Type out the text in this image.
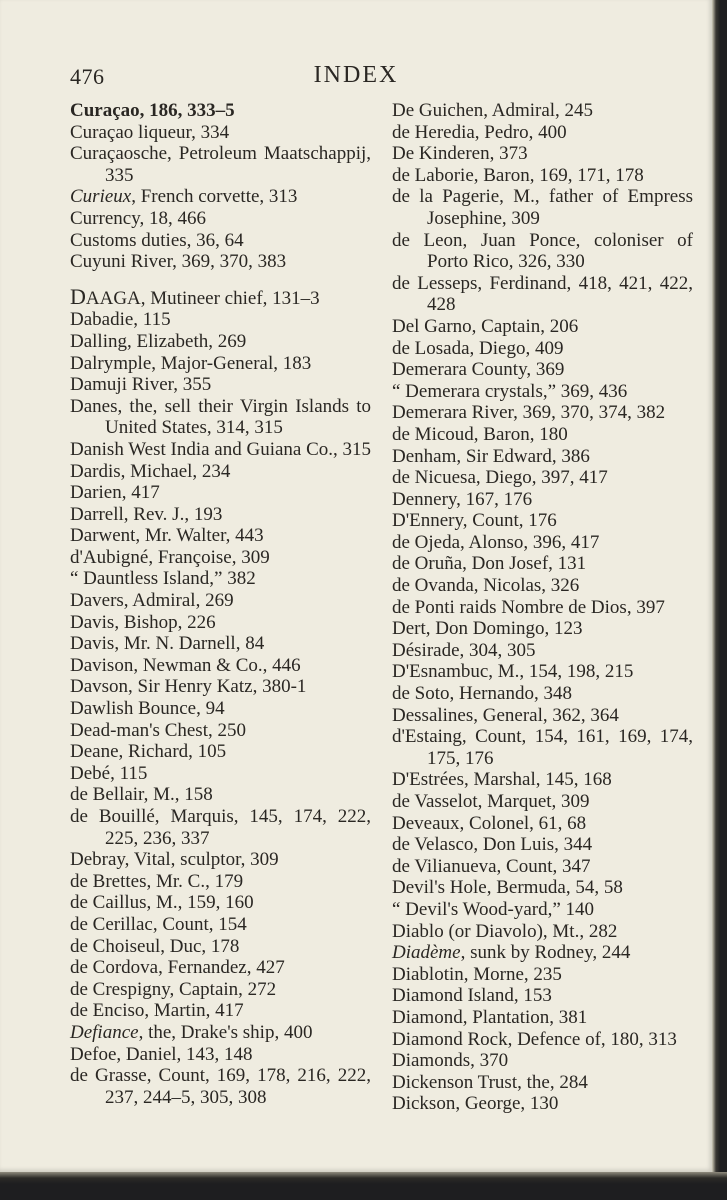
476	INDEX

Curaçao, 186, 333–5

Curaçao liqueur, 334

Curaçaosche, Petroleum Maatschappij, 335

Curieux, French corvette, 313

Currency, 18, 466

Customs duties, 36, 64

Cuyuni River, 369, 370, 383

DAAGA, Mutineer chief, 131–3

Dabadie, 115

Dalling, Elizabeth, 269

Dalrymple, Major-General, 183

Damuji River, 355

Danes, the, sell their Virgin Islands to United States, 314, 315

Danish West India and Guiana Co., 315

Dardis, Michael, 234

Darien, 417

Darrell, Rev. J., 193

Darwent, Mr. Walter, 443

d'Aubigné, Françoise, 309

“ Dauntless Island,” 382

Davers, Admiral, 269

Davis, Bishop, 226

Davis, Mr. N. Darnell, 84

Davison, Newman & Co., 446

Davson, Sir Henry Katz, 380-1

Dawlish Bounce, 94

Dead-man's Chest, 250

Deane, Richard, 105

Debé, 115

de Bellair, M., 158

de Bouillé, Marquis, 145, 174, 222, 225, 236, 337

Debray, Vital, sculptor, 309

de Brettes, Mr. C., 179

de Caillus, M., 159, 160

de Cerillac, Count, 154

de Choiseul, Duc, 178

de Cordova, Fernandez, 427

de Crespigny, Captain, 272

de Enciso, Martin, 417

Defiance, the, Drake's ship, 400

Defoe, Daniel, 143, 148

de Grasse, Count, 169, 178, 216, 222, 237, 244–5, 305, 308

De Guichen, Admiral, 245

de Heredia, Pedro, 400

De Kinderen, 373

de Laborie, Baron, 169, 171, 178

de la Pagerie, M., father of Empress Josephine, 309

de Leon, Juan Ponce, coloniser of Porto Rico, 326, 330

de Lesseps, Ferdinand, 418, 421, 422, 428

Del Garno, Captain, 206

de Losada, Diego, 409

Demerara County, 369

“ Demerara crystals,” 369, 436

Demerara River, 369, 370, 374, 382

de Micoud, Baron, 180

Denham, Sir Edward, 386

de Nicuesa, Diego, 397, 417

Dennery, 167, 176

D'Ennery, Count, 176

de Ojeda, Alonso, 396, 417

de Oruña, Don Josef, 131

de Ovanda, Nicolas, 326

de Ponti raids Nombre de Dios, 397

Dert, Don Domingo, 123

Désirade, 304, 305

D'Esnambuc, M., 154, 198, 215

de Soto, Hernando, 348

Dessalines, General, 362, 364

d'Estaing, Count, 154, 161, 169, 174, 175, 176

D'Estrées, Marshal, 145, 168

de Vasselot, Marquet, 309

Deveaux, Colonel, 61, 68

de Velasco, Don Luis, 344

de Vilianueva, Count, 347

Devil's Hole, Bermuda, 54, 58

“ Devil's Wood-yard,” 140

Diablo (or Diavolo), Mt., 282

Diadème, sunk by Rodney, 244

Diablotin, Morne, 235

Diamond Island, 153

Diamond, Plantation, 381

Diamond Rock, Defence of, 180, 313

Diamonds, 370

Dickenson Trust, the, 284

Dickson, George, 130
